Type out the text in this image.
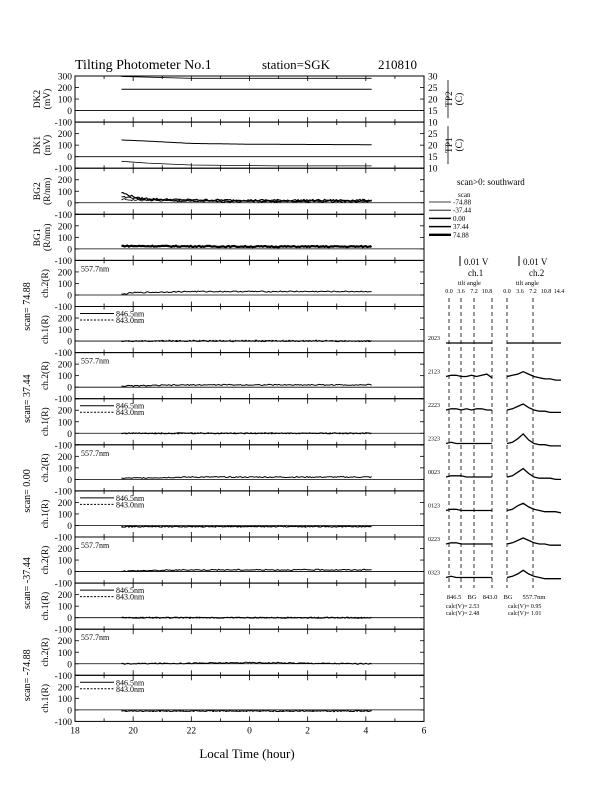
Tilting Photometer No.1	station=SGK	210810
300
200
100
0
-100
DK2 (mV)
30
25
20
15
10
TP2 (C)
200
100
0
-100
DK1 (mV)	25
20
15
10
TP1 (C)
200
100
0
-100
BG2 (R/nm)
200
100
0
-100
BG1 (R/nm)
200
100
0
-100
ch.2(R)
200
100
0
-100
ch.1(R)
200
100
0
-100
ch.2(R)
200
100
0
-100
ch.1(R)
200
100
0
-100
ch.2(R)
200
100
0
-100
ch.1(R)
200
100
0
-100
ch.2(R)
200
100
0
-100
ch.1(R)
200
100
0
-100
ch.2(R)
200
100
0
-100
ch.1(R)
557.7nm
557.7nm
557.7nm
557.7nm
557.7nm
846.5nm
843.0nm
846.5nm
843.0nm
846.5nm
843.0nm
846.5nm
843.0nm
846.5nm
843.0nm
scan= 74.88
scan= 37.44
scan= 0.00
scan= -37.44
scan= -74.88
18	20	22	0	2	4	6
scan>0: southward
scan
-74.88
-37.44
0.00
37.44
74.88
0.01 V
ch.1
0.01 V
ch.2
tilt angle	tilt angle
0.0 3.6 7.2 10.8 0.0 3.6 7.2 10.8 14.4
2023
2123
2223
2323
0023
0123
0223
0323
846.5 BG 843.0 BG 557.7nm
calc(V)= 2.53
calc(V)= 2.48
calc(V)= 0.95
calc(V)= 1.01
Local Time (hour)
